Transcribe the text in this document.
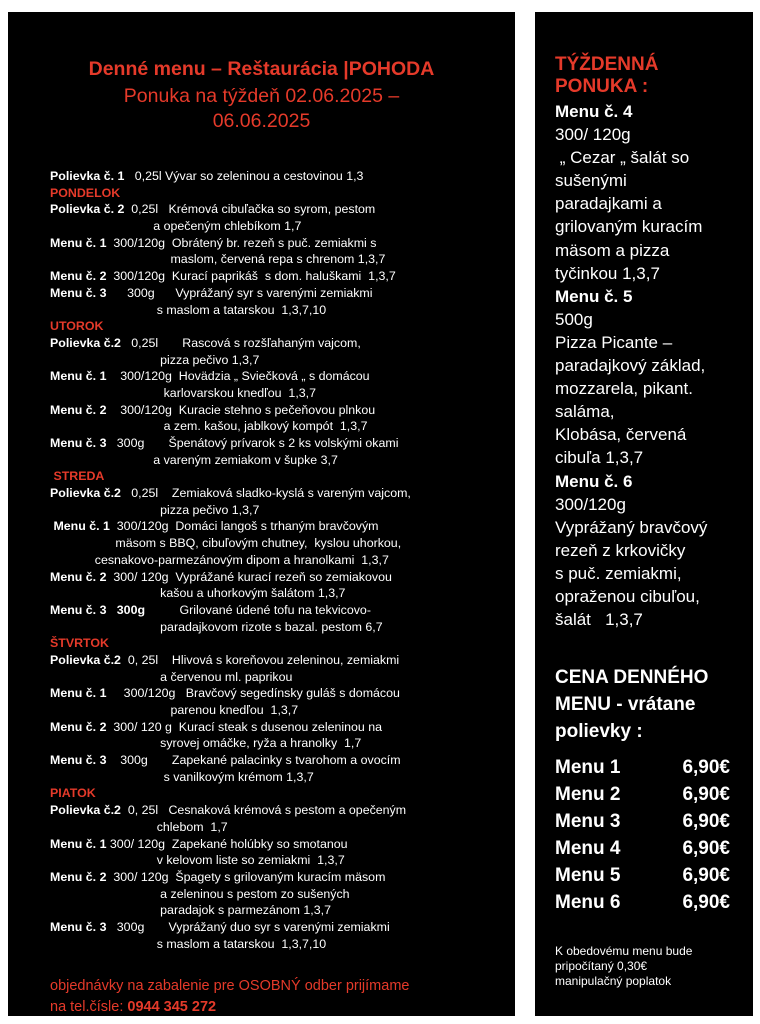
Denné menu – Reštaurácia |POHODA
Ponuka na týždeň 02.06.2025 –
06.06.2025
Polievka č. 1   0,25l Vývar so zeleninou a cestovinou 1,3
PONDELOK
Polievka č. 2  0,25l   Krémová cibuľačka so syrom, pestom
a opečeným chlebíkom 1,7
Menu č. 1  300/120g  Obrátený br. rezeň s puč. zemiakmi s
maslom, červená repa s chrenom 1,3,7
Menu č. 2  300/120g  Kurací paprikáš  s dom. haluškami  1,3,7
Menu č. 3      300g      Vyprážaný syr s varenými zemiakmi
s maslom a tatarskou  1,3,7,10
UTOROK
Polievka č.2   0,25l       Rascová s rozšľahaným vajcom,
pizza pečivo 1,3,7
Menu č. 1    300/120g  Hovädzia „ Sviečková „ s domácou
karlovarskou knedľou  1,3,7
Menu č. 2    300/120g  Kuracie stehno s pečeňovou plnkou
a zem. kašou, jablkový kompót  1,3,7
Menu č. 3   300g       Špenátový prívarok s 2 ks volskými okami
a vareným zemiakom v šupke 3,7
STREDA
Polievka č.2   0,25l    Zemiaková sladko-kyslá s vareným vajcom,
pizza pečivo 1,3,7
Menu č. 1  300/120g  Domáci langoš s trhaným bravčovým
mäsom s BBQ, cibuľovým chutney,  kyslou uhorkou,
cesnakovo-parmezánovým dipom a hranolkami  1,3,7
Menu č. 2  300/ 120g  Vyprážané kurací rezeň so zemiakovou
kašou a uhorkovým šalátom 1,3,7
Menu č. 3   300g          Grilované údené tofu na tekvicovo-
paradajkovom rizote s bazal. pestom 6,7
ŠTVRTOK
Polievka č.2  0, 25l    Hlivová s koreňovou zeleninou, zemiakmi
a červenou ml. paprikou
Menu č. 1     300/120g   Bravčový segedínsky guláš s domácou
parenou knedľou  1,3,7
Menu č. 2  300/ 120 g  Kurací steak s dusenou zeleninou na
syrovej omáčke, ryža a hranolky  1,7
Menu č. 3    300g       Zapekané palacinky s tvarohom a ovocím
s vanilkovým krémom 1,3,7
PIATOK
Polievka č.2  0, 25l   Cesnaková krémová s pestom a opečeným
chlebom  1,7
Menu č. 1 300/ 120g  Zapekané holúbky so smotanou
v kelovom liste so zemiakmi  1,3,7
Menu č. 2  300/ 120g  Špagety s grilovaným kuracím mäsom
a zeleninou s pestom zo sušených
paradajok s parmezánom 1,3,7
Menu č. 3   300g       Vyprážaný duo syr s varenými zemiakmi
s maslom a tatarskou  1,3,7,10
objednávky na zabalenie pre OSOBNÝ odber prijímame
na tel.čísle: 0944 345 272
TÝŽDENNÁ
PONUKA :
Menu č. 4
300/ 120g
„ Cezar „ šalát so
sušenými
paradajkami a
grilovaným kuracím
mäsom a pizza
tyčinkou 1,3,7
Menu č. 5
500g
Pizza Picante –
paradajkový základ,
mozzarela, pikant.
saláma,
Klobása, červená
cibuľa 1,3,7
Menu č. 6
300/120g
Vyprážaný bravčový
rezeň z krkovičky
s puč. zemiakmi,
opraženou cibuľou,
šalát   1,3,7
CENA DENNÉHO
MENU - vrátane
polievky :
Menu 1	6,90€
Menu 2	6,90€
Menu 3	6,90€
Menu 4	6,90€
Menu 5	6,90€
Menu 6	6,90€
K obedovému menu bude
pripočítaný 0,30€
manipulačný poplatok
